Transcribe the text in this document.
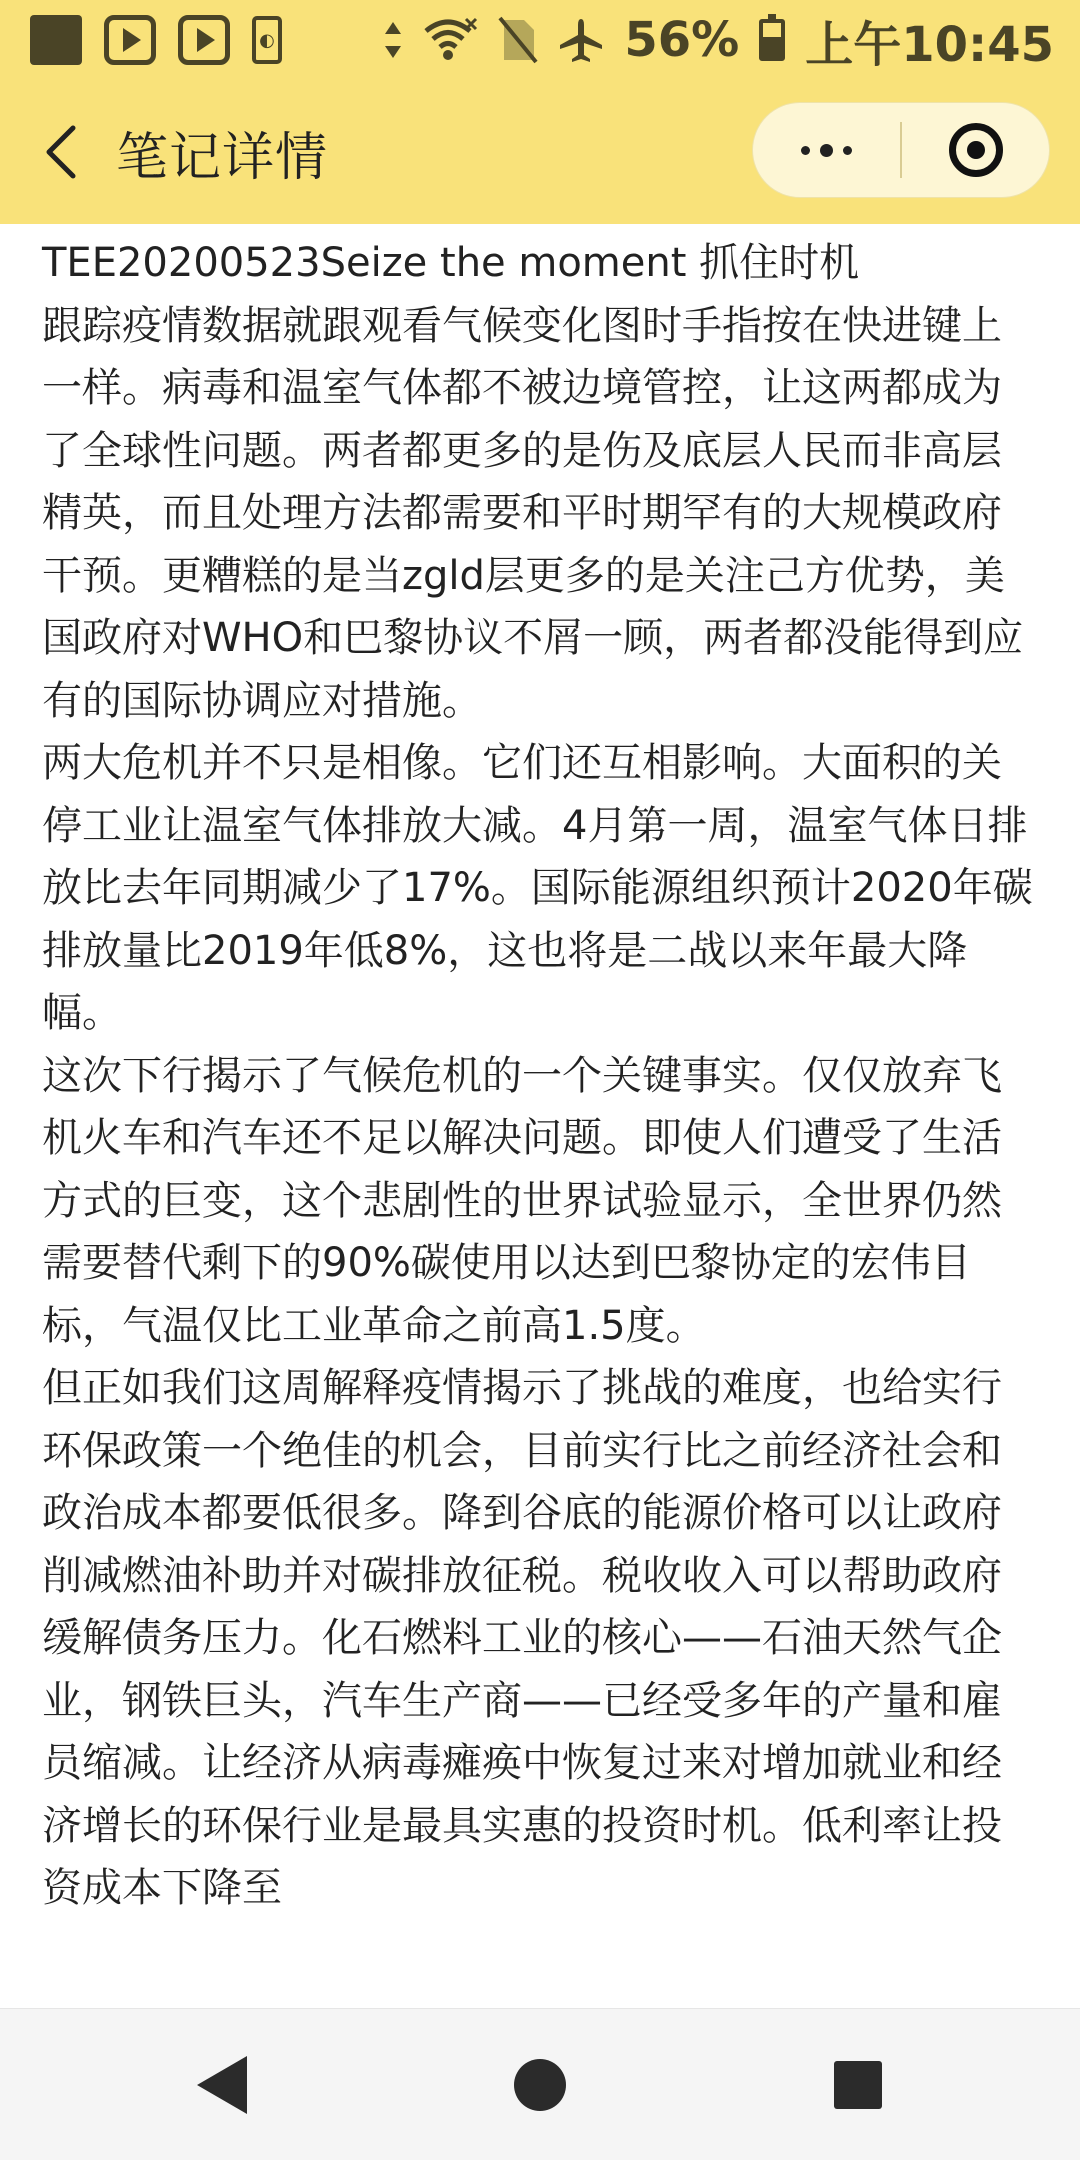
◐	56% 上午10:45
笔记详情

TEE20200523Seize the moment 抓住时机

跟踪疫情数据就跟观看气候变化图时手指按在快进键上一样。病毒和温室气体都不被边境管控，让这两都成为了全球性问题。两者都更多的是伤及底层人民而非高层精英，而且处理方法都需要和平时期罕有的大规模政府干预。更糟糕的是当zgld层更多的是关注己方优势，美国政府对WHO和巴黎协议不屑一顾，两者都没能得到应有的国际协调应对措施。

两大危机并不只是相像。它们还互相影响。大面积的关停工业让温室气体排放大减。4月第一周，温室气体日排放比去年同期减少了17%。国际能源组织预计2020年碳排放量比2019年低8%，这也将是二战以来年最大降幅。

这次下行揭示了气候危机的一个关键事实。仅仅放弃飞机火车和汽车还不足以解决问题。即使人们遭受了生活方式的巨变，这个悲剧性的世界试验显示，全世界仍然需要替代剩下的90%碳使用以达到巴黎协定的宏伟目标，气温仅比工业革命之前高1.5度。

但正如我们这周解释疫情揭示了挑战的难度，也给实行环保政策一个绝佳的机会，目前实行比之前经济社会和政治成本都要低很多。降到谷底的能源价格可以让政府削减燃油补助并对碳排放征税。税收收入可以帮助政府缓解债务压力。化石燃料工业的核心——石油天然气企业，钢铁巨头，汽车生产商——已经受多年的产量和雇员缩减。让经济从病毒瘫痪中恢复过来对增加就业和经济增长的环保行业是最具实惠的投资时机。低利率让投资成本下降至
